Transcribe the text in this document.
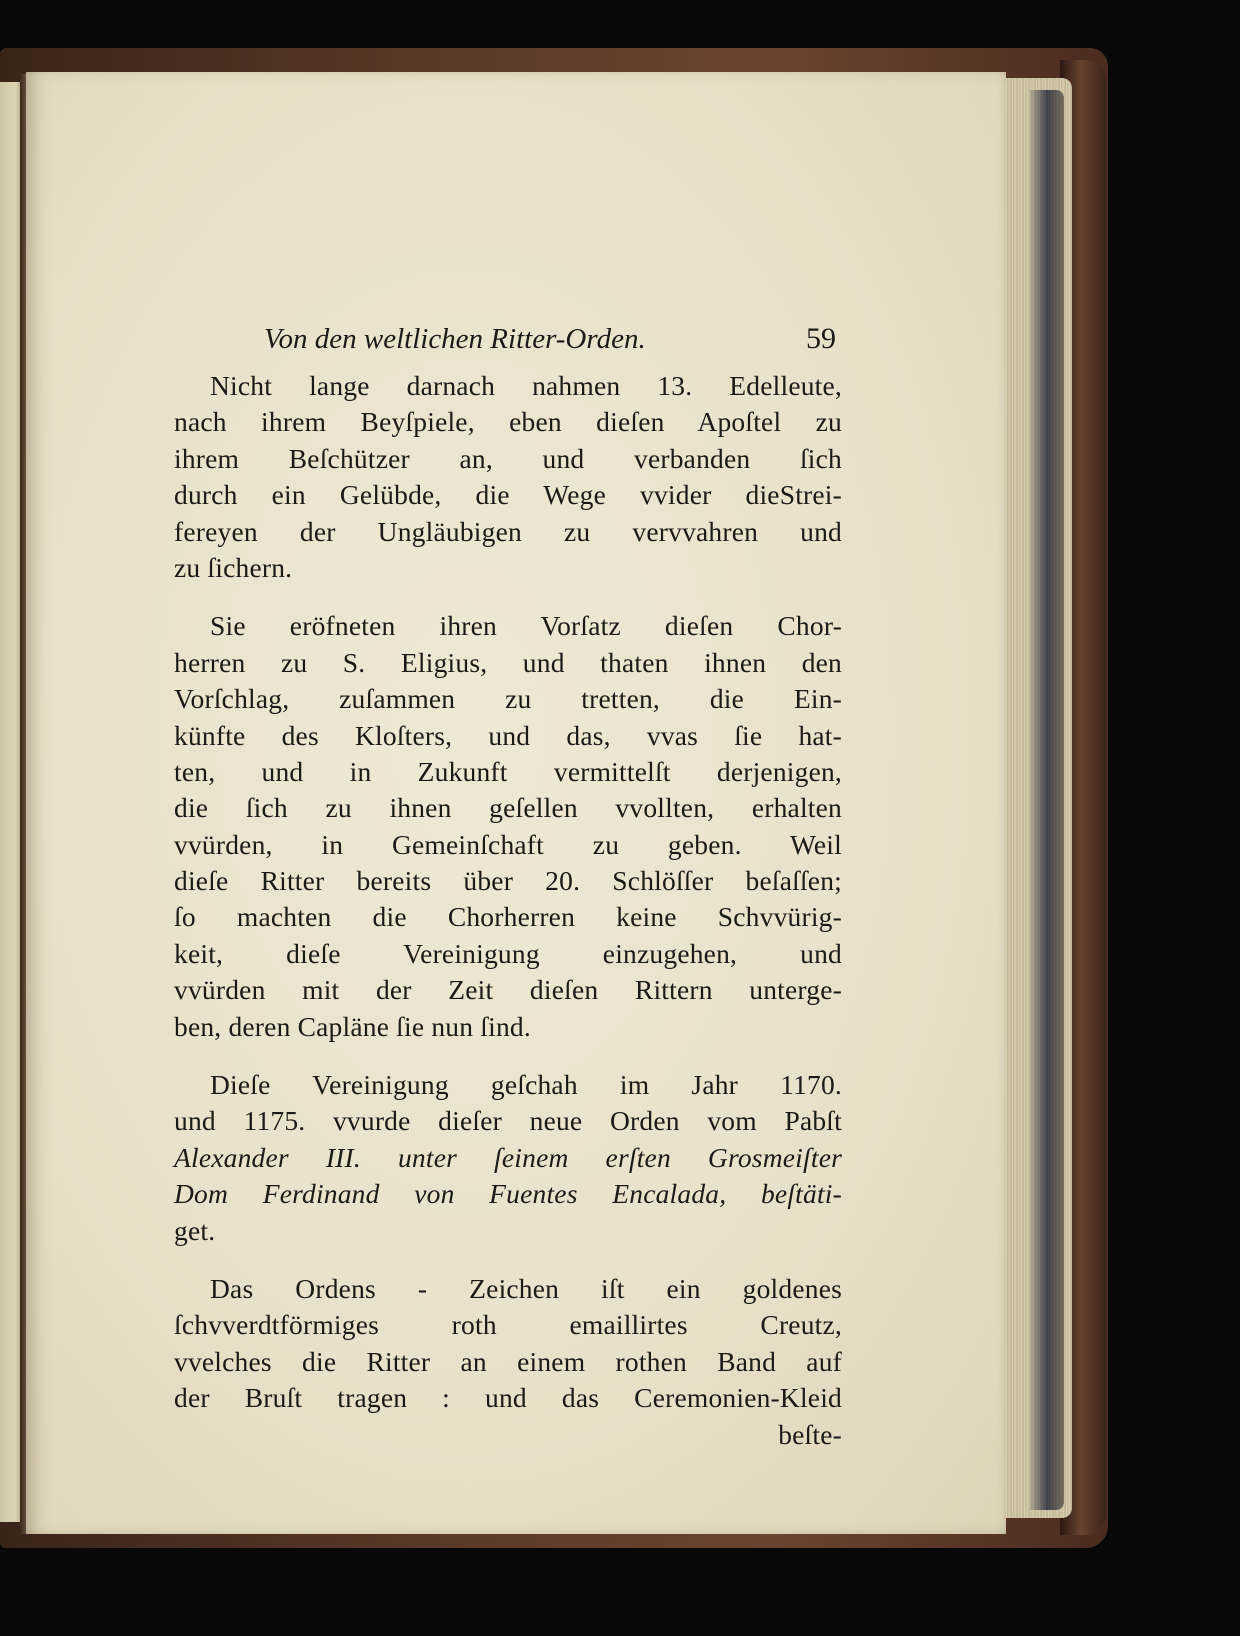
Von den weltlichen Ritter-Orden.	59
Nicht lange darnach nahmen 13. Edelleute,
nach ihrem Beyſpiele, eben dieſen Apoſtel zu
ihrem Beſchützer an, und verbanden ſich
durch ein Gelübde, die Wege vvider dieStrei-
fereyen der Ungläubigen zu vervvahren und
zu ſichern.
Sie eröfneten ihren Vorſatz dieſen Chor-
herren zu S. Eligius, und thaten ihnen den
Vorſchlag, zuſammen zu tretten, die Ein-
künfte des Kloſters, und das, vvas ſie hat-
ten, und in Zukunft vermittelſt derjenigen,
die ſich zu ihnen geſellen vvollten, erhalten
vvürden, in Gemeinſchaft zu geben. Weil
dieſe Ritter bereits über 20. Schlöſſer beſaſſen;
ſo machten die Chorherren keine Schvvürig-
keit, dieſe Vereinigung einzugehen, und
vvürden mit der Zeit dieſen Rittern unterge-
ben, deren Capläne ſie nun ſind.
Dieſe Vereinigung geſchah im Jahr 1170.
und 1175. vvurde dieſer neue Orden vom Pabſt
Alexander III. unter ſeinem erſten Grosmeiſter
Dom Ferdinand von Fuentes Encalada, beſtäti-
get.
Das Ordens - Zeichen iſt ein goldenes
ſchvverdtförmiges roth emaillirtes Creutz,
vvelches die Ritter an einem rothen Band auf
der Bruſt tragen : und das Ceremonien-Kleid
beſte-
